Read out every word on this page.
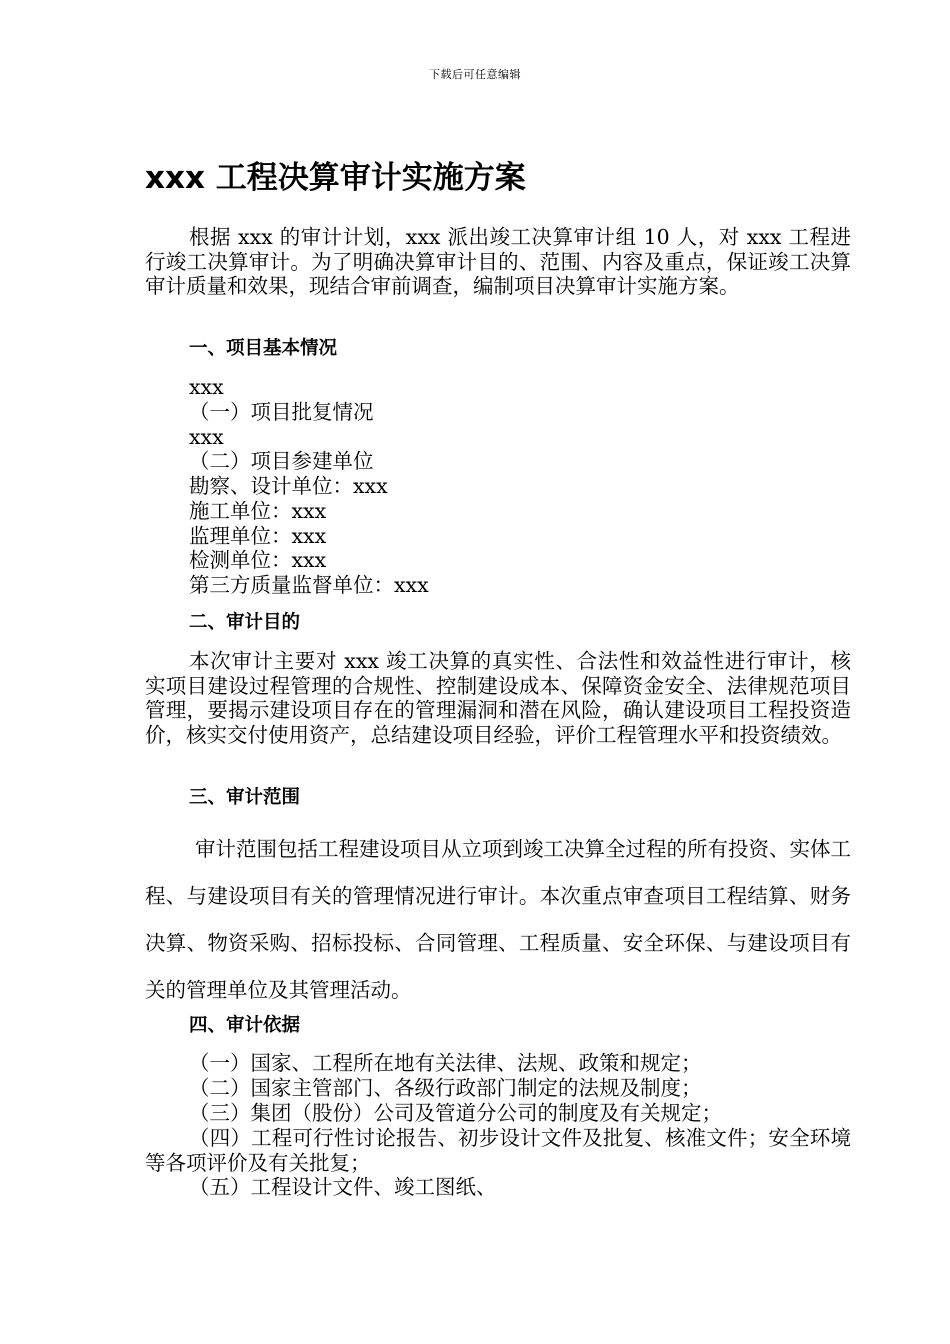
下载后可任意编辑
xxx 工程决算审计实施方案
根据 xxx 的审计计划，xxx 派出竣工决算审计组 10 人，对 xxx 工程进行竣工决算审计。为了明确决算审计目的、范围、内容及重点，保证竣工决算审计质量和效果，现结合审前调查，编制项目决算审计实施方案。
一、项目基本情况
xxx
（一）项目批复情况
xxx
（二）项目参建单位
勘察、设计单位：xxx
施工单位：xxx
监理单位：xxx
检测单位：xxx
第三方质量监督单位：xxx
二、审计目的
本次审计主要对 xxx 竣工决算的真实性、合法性和效益性进行审计，核实项目建设过程管理的合规性、控制建设成本、保障资金安全、法律规范项目管理，要揭示建设项目存在的管理漏洞和潜在风险，确认建设项目工程投资造价，核实交付使用资产，总结建设项目经验，评价工程管理水平和投资绩效。
三、审计范围
审计范围包括工程建设项目从立项到竣工决算全过程的所有投资、实体工程、与建设项目有关的管理情况进行审计。本次重点审查项目工程结算、财务决算、物资采购、招标投标、合同管理、工程质量、安全环保、与建设项目有关的管理单位及其管理活动。
四、审计依据
（一）国家、工程所在地有关法律、法规、政策和规定；
（二）国家主管部门、各级行政部门制定的法规及制度；
（三）集团（股份）公司及管道分公司的制度及有关规定；
（四）工程可行性讨论报告、初步设计文件及批复、核准文件；安全环境等各项评价及有关批复；
（五）工程设计文件、竣工图纸、
